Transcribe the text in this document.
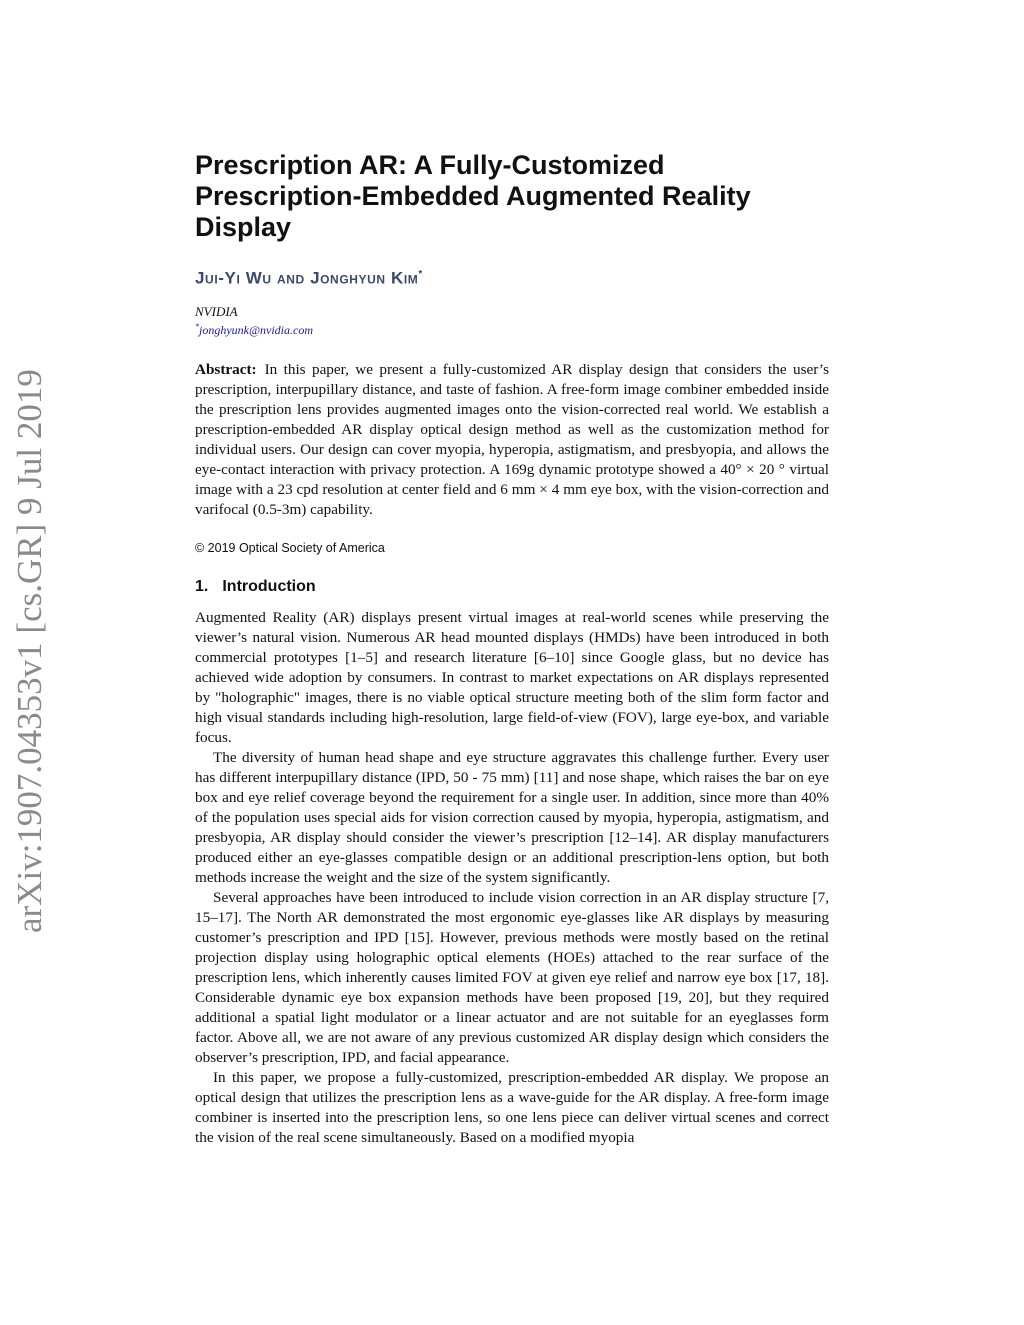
arXiv:1907.04353v1 [cs.GR] 9 Jul 2019
Prescription AR: A Fully-Customized Prescription-Embedded Augmented Reality Display
Jui-Yi Wu and Jonghyun Kim*
NVIDIA
*jonghyunk@nvidia.com
Abstract: In this paper, we present a fully-customized AR display design that considers the user’s prescription, interpupillary distance, and taste of fashion. A free-form image combiner embedded inside the prescription lens provides augmented images onto the vision-corrected real world. We establish a prescription-embedded AR display optical design method as well as the customization method for individual users. Our design can cover myopia, hyperopia, astigmatism, and presbyopia, and allows the eye-contact interaction with privacy protection. A 169g dynamic prototype showed a 40° × 20 ° virtual image with a 23 cpd resolution at center field and 6 mm × 4 mm eye box, with the vision-correction and varifocal (0.5-3m) capability.
© 2019 Optical Society of America
1. Introduction

Augmented Reality (AR) displays present virtual images at real-world scenes while preserving the viewer’s natural vision. Numerous AR head mounted displays (HMDs) have been introduced in both commercial prototypes [1–5] and research literature [6–10] since Google glass, but no device has achieved wide adoption by consumers. In contrast to market expectations on AR displays represented by "holographic" images, there is no viable optical structure meeting both of the slim form factor and high visual standards including high-resolution, large field-of-view (FOV), large eye-box, and variable focus.

The diversity of human head shape and eye structure aggravates this challenge further. Every user has different interpupillary distance (IPD, 50 - 75 mm) [11] and nose shape, which raises the bar on eye box and eye relief coverage beyond the requirement for a single user. In addition, since more than 40% of the population uses special aids for vision correction caused by myopia, hyperopia, astigmatism, and presbyopia, AR display should consider the viewer’s prescription [12–14]. AR display manufacturers produced either an eye-glasses compatible design or an additional prescription-lens option, but both methods increase the weight and the size of the system significantly.

Several approaches have been introduced to include vision correction in an AR display structure [7, 15–17]. The North AR demonstrated the most ergonomic eye-glasses like AR displays by measuring customer’s prescription and IPD [15]. However, previous methods were mostly based on the retinal projection display using holographic optical elements (HOEs) attached to the rear surface of the prescription lens, which inherently causes limited FOV at given eye relief and narrow eye box [17, 18]. Considerable dynamic eye box expansion methods have been proposed [19, 20], but they required additional a spatial light modulator or a linear actuator and are not suitable for an eyeglasses form factor. Above all, we are not aware of any previous customized AR display design which considers the observer’s prescription, IPD, and facial appearance.

In this paper, we propose a fully-customized, prescription-embedded AR display. We propose an optical design that utilizes the prescription lens as a wave-guide for the AR display. A free-form image combiner is inserted into the prescription lens, so one lens piece can deliver virtual scenes and correct the vision of the real scene simultaneously. Based on a modified myopia
